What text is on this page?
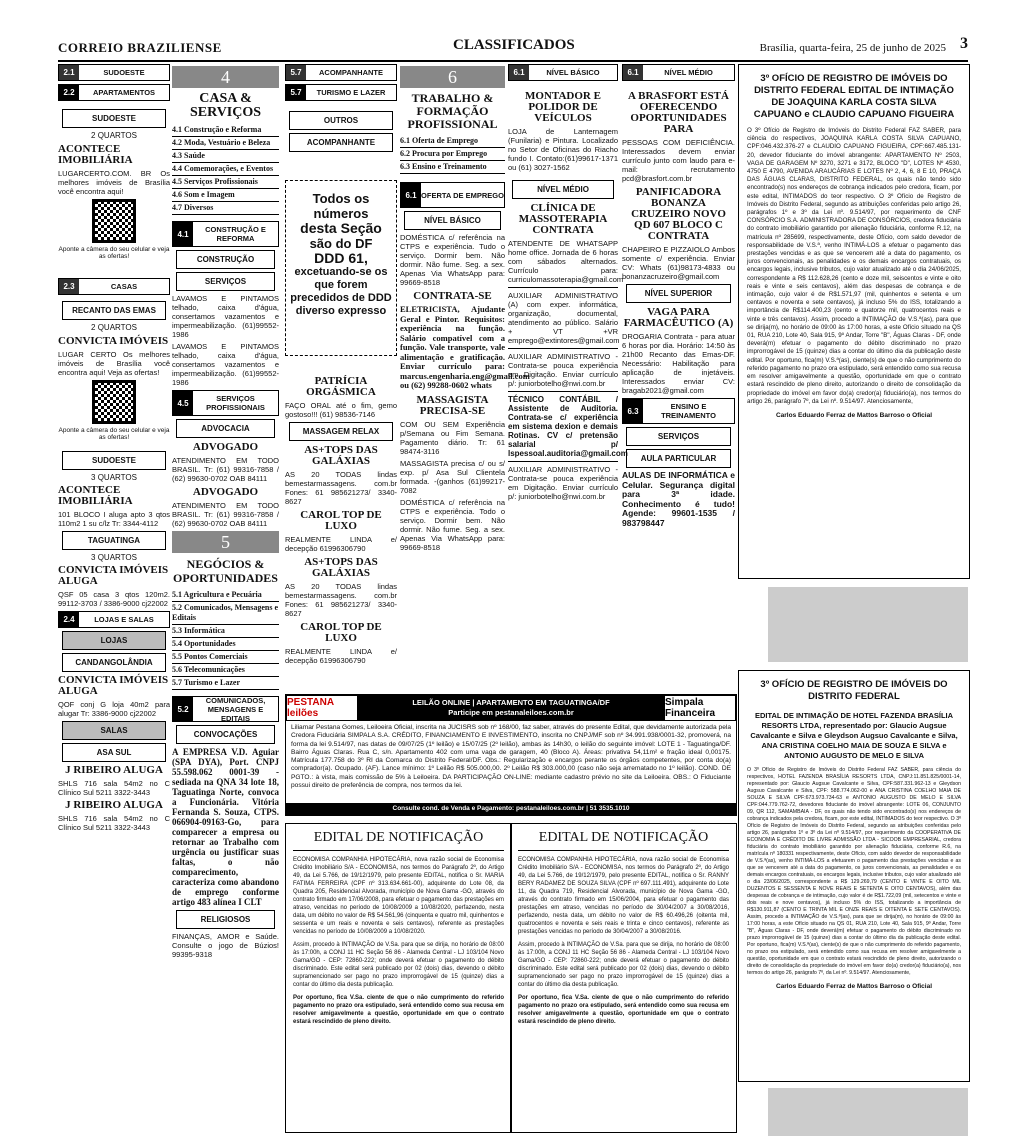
CORREIO BRAZILIENSE	CLASSIFICADOS	Brasília, quarta-feira, 25 de junho de 2025 3
2.1	SUDOESTE
2.2	APARTAMENTOS
SUDOESTE
2 QUARTOS
ACONTECE IMOBILIÁRIA
LUGARCERTO.COM. BR Os melhores imóveis de Brasília você encontra aqui!
Aponte a câmera do seu celular e veja as ofertas!
2.3	CASAS
RECANTO DAS EMAS
2 QUARTOS
CONVICTA IMÓVEIS
LUGAR CERTO Os melhores imóveis de Brasília você encontra aqui! Veja as ofertas!
Aponte a câmera do seu celular e veja as ofertas!
SUDOESTE
3 QUARTOS
ACONTECE IMOBILIÁRIA
101 BLOCO I aluga apto 3 qtos 110m2 1 su c/lz Tr: 3344-4112
TAGUATINGA
3 QUARTOS
CONVICTA IMÓVEIS ALUGA
QSF 05 casa 3 qtos 120m2. 99112-3703 / 3386-9000 cj22002
2.4	LOJAS E SALAS
LOJAS
CANDANGOLÂNDIA
CONVICTA IMÓVEIS ALUGA
QOF conj G loja 40m2 para alugar Tr: 3386-9000 cj22002
SALAS
ASA SUL
J RIBEIRO ALUGA
SHLS 716 sala 54m2 no C Clínico Sul 5211 3322-3443
J RIBEIRO ALUGA
SHLS 716 sala 54m2 no C Clínico Sul 5211 3322-3443
4
CASA & SERVIÇOS
4.1 Construção e Reforma
4.2 Moda, Vestuário e Beleza
4.3 Saúde
4.4 Comemorações, e Eventos
4.5 Serviços Profissionais
4.6 Som e Imagem
4.7 Diversos
4.1	CONSTRUÇÃO E REFORMA
CONSTRUÇÃO
SERVIÇOS
LAVAMOS E PINTAMOS telhado, caixa d'água, consertamos vazamentos e impermeabilização. (61)99552-1986
LAVAMOS E PINTAMOS telhado, caixa d'água, consertamos vazamentos e impermeabilização. (61)99552-1986
4.5	SERVIÇOS PROFISSIONAIS
ADVOCACIA
ADVOGADO
ATENDIMENTO EM TODO BRASIL. Tr: (61) 99316-7858 / (62) 99630-0702 OAB 84111
ADVOGADO
ATENDIMENTO EM TODO BRASIL. Tr: (61) 99316-7858 / (62) 99630-0702 OAB 84111
5
NEGÓCIOS & OPORTUNIDADES
5.1 Agricultura e Pecuária
5.2 Comunicados, Mensagens e Editais
5.3 Informática
5.4 Oportunidades
5.5 Pontos Comerciais
5.6 Telecomunicações
5.7 Turismo e Lazer
5.2
COMUNICADOS, MENSAGENS E EDITAIS
CONVOCAÇÕES
A EMPRESA V.D. Aguiar (SPA DYA), Port. CNPJ 55.598.062 0001-39 - sediada na QNA 34 lote 18, Taguatinga Norte, convoca a Funcionária. Vitória Fernanda S. Souza, CTPS. 066904-09163-Go, para comparecer a empresa ou retornar ao Trabalho com urgência ou justificar suas faltas, o não comparecimento, caracteriza como abandono de emprego conforme artigo 483 alínea I CLT
RELIGIOSOS
FINANÇAS, AMOR e Saúde. Consulte o jogo de Búzios! 99395-9318
5.7	ACOMPANHANTE
5.7	TURISMO E LAZER
OUTROS
ACOMPANHANTE
Todos os números
desta Seção
são do DF
DDD 61,
excetuando-se os que forem precedidos de DDD diverso expresso
PATRÍCIA ORGÁSMICA
FAÇO ORAL até o fim, gemo gostoso!!! (61) 98536-7146
MASSAGEM RELAX
AS+TOPS DAS GALÁXIAS
AS 20 TODAS lindas bemestarmassagens. com.br Fones: 61 985621273/ 3340-8627
CAROL TOP DE LUXO
REALMENTE LINDA e/ decepção 61996306790
AS+TOPS DAS GALÁXIAS
AS 20 TODAS lindas bemestarmassagens. com.br Fones: 61 985621273/ 3340-8627
CAROL TOP DE LUXO
REALMENTE LINDA e/ decepção 61996306790
6
TRABALHO & FORMAÇÃO PROFISSIONAL
6.1 Oferta de Emprego
6.2 Procura por Emprego
6.3 Ensino e Treinamento
6.1 OFERTA DE EMPREGO
NÍVEL BÁSICO
DOMÉSTICA c/ referência na CTPS e experiência. Tudo o serviço. Dormir bem. Não dormir. Não fume. Seg. a sex. Apenas Via WhatsApp para: 99669-8518
CONTRATA-SE
ELETRICISTA, Ajudante Geral e Pintor. Requisitos: experiência na função. Salário compatível com a função. Vale transporte, vale alimentação e gratificação. Enviar currículo para: marcus.engenharia.eng@gmail.com ou (62) 99288-0602 whats
MASSAGISTA PRECISA-SE
COM OU SEM Experiência p/Semana ou Fim Semana. Pagamento diário. Tr: 61 98474-3116
MASSAGISTA precisa c/ ou s/ exp. p/ Asa Sul Clientela formada. -(ganhos (61)99217-7082
DOMÉSTICA c/ referência na CTPS e experiência. Todo o serviço. Dormir bem. Não dormir. Não fume. Seg. a sex. Apenas Via WhatsApp para: 99669-8518
6.1	NÍVEL BÁSICO
MONTADOR E POLIDOR DE VEÍCULOS
LOJA de Lanternagem (Funilaria) e Pintura. Localizado no Setor de Oficinas do Riacho fundo I. Contato:(61)99617-1371 ou (61) 3027-1562
NÍVEL MÉDIO
CLÍNICA DE MASSOTERAPIA CONTRATA
ATENDENTE DE WHATSAPP home office. Jornada de 6 horas com sábados alternados. Currículo para: curriculomassoterapia@gmail.com
AUXILIAR ADMINISTRATIVO (A) com exper. informática, organização, documental, atendimento ao público. Salário + VT +VR emprego@extintores@gmail.com
AUXILIAR ADMINISTRATIVO - Contrata-se pouca experiência em Digitação. Enviar currículo p/: juniorbotelho@nwi.com.br
TÉCNICO CONTÁBIL / Assistente de Auditoria. Contrata-se c/ experiência em sistema dexion e demais Rotinas. CV c/ pretensão salarial p/ lspessoal.auditoria@gmail.com
AUXILIAR ADMINISTRATIVO - Contrata-se pouca experiência em Digitação. Enviar currículo p/: juniorbotelho@nwi.com.br
6.1	NÍVEL MÉDIO
A BRASFORT ESTÁ OFERECENDO OPORTUNIDADES PARA
PESSOAS COM DEFICIÊNCIA. Interessados devem enviar currículo junto com laudo para e-mail: recrutamento pcd@brasfort.com.br
PANIFICADORA BONANZA CRUZEIRO NOVO QD 607 BLOCO C CONTRATA
CHAPEIRO E PIZZAIOLO Ambos somente c/ experiência. Enviar CV: Whats (61)98173-4833 ou bonanzacruzeiro@gmail.com
NÍVEL SUPERIOR
VAGA PARA FARMACÊUTICO (A)
DROGARIA Contrata - para atuar 6 horas por dia. Horário: 14:50 às 21h00 Recanto das Emas-DF. Necessário: Habilitação para aplicação de injetáveis. Interessados enviar CV: bragab2021@gmail.com
6.3	ENSINO E TREINAMENTO
SERVIÇOS
AULA PARTICULAR
AULAS DE INFORMÁTICA e Celular. Segurança digital para 3ª idade. Conhecimento é tudo! Agende: 99601-1535 / 983798447
PESTANA leilões
LEILÃO ONLINE | APARTAMENTO EM TAGUATINGA/DF
Participe em pestanaleiloes.com.br
Simpala Financeira

Liliamar Pestana Gomes, Leiloeira Oficial, inscrita na JUCISRS sob nº 168/00, faz saber, através do presente Edital, que devidamente autorizada pela Credora Fiduciária SIMPALA S.A. CRÉDITO, FINANCIAMENTO E INVESTIMENTO, inscrita no CNPJ/MF sob nº 34.991.938/0001-32, promoverá, na forma da lei 9.514/97, nas datas de 09/07/25 (1º leilão) e 15/07/25 (2º leilão), ambas às 14h30, o leilão do seguinte imóvel: LOTE 1 - Taguatinga/DF. Bairro Águas Claras. Rua C, s/n. Apartamento 402 com uma vaga de garagem, 40 (Bloco A). Áreas: privativa 54,11m² e fração ideal 0,00175. Matrícula 177.758 do 3º RI da Comarca do Distrito Federal/DF. Obs.: Regularização e encargos perante os órgãos competentes, por conta do(a) comprador(a). Ocupado. (AF). Lance mínimo: 1º Leilão R$ 505.000,00. 2º Leilão R$ 303.000,00 (caso não seja arrematado no 1º leilão). COND. DE PGTO.: à vista, mais comissão de 5% à Leiloeira. DA PARTICIPAÇÃO ON-LINE: mediante cadastro prévio no site da Leiloeira. OBS.: O Fiduciante possui direito de preferência de compra, nos termos da lei.

Consulte cond. de Venda e Pagamento: pestanaleiloes.com.br | 51 3535.1010
EDITAL DE NOTIFICAÇÃO

ECONOMISA COMPANHIA HIPOTECÁRIA, nova razão social de Economisa Crédito Imobiliário S/A - ECONOMISA, nos termos do Parágrafo 2º, do Artigo 49, da Lei 5.766, de 19/12/1979, pelo presente EDITAL, notifica o Sr. MARIA FATIMA FERREIRA (CPF nº 313.634.661-00), adquirente do Lote 08, da Quadra 205, Residencial Alvorada, município de Nova Gama -GO, através do contrato firmado em 17/06/2008, para efetuar o pagamento das prestações em atraso, vencidas no período de 10/08/2009 a 10/08/2020, perfazendo, nesta data, um débito no valor de R$ 54.561,96 (cinquenta e quatro mil, quinhentos e sessenta e um reais e noventa e seis centavos), referente as prestações vencidas no período de 10/08/2009 a 10/08/2020.

Assim, procedo à INTIMAÇÃO de V.Sa. para que se dirija, no horário de 08:00 às 17:00h, a CONJ 11 HC Seção 56 86 - Alameda Central - LJ 103/104 Novo Gama/GO - CEP: 72860-222; onde deverá efetuar o pagamento do débito discriminado. Este edital será publicado por 02 (dois) dias, devendo o débito supramencionado ser pago no prazo improrrogável de 15 (quinze) dias a contar do último dia desta publicação.

Por oportuno, fica V.Sa. ciente de que o não cumprimento do referido pagamento no prazo ora estipulado, será entendido como sua recusa em resolver amigavelmente a questão, oportunidade em que o contrato estará rescindido de pleno direito.

EDITAL DE NOTIFICAÇÃO

ECONOMISA COMPANHIA HIPOTECÁRIA, nova razão social de Economisa Crédito Imobiliário S/A - ECONOMISA, nos termos do Parágrafo 2º, do Artigo 49, da Lei 5.766, de 19/12/1979, pelo presente EDITAL, notifica o Sr. RANNY BERY RADAMEZ DE SOUZA SILVA (CPF nº 697.111.491), adquirente do Lote 11, da Quadra 719, Residencial Alvorada, município de Nova Gama -GO, através do contrato firmado em 15/06/2004, para efetuar o pagamento das prestações em atraso, vencidas no período de 30/04/2007 a 30/08/2016, perfazendo, nesta data, um débito no valor de R$ 60.496,26 (oitenta mil, quatrocentos e noventa e seis reais e trinta e cinco centavos), referente as prestações vencidas no período de 30/04/2007 a 30/08/2016.

Assim, procedo à INTIMAÇÃO de V.Sa. para que se dirija, no horário de 08:00 às 17:00h, a CONJ 11 HC Seção 56 86 - Alameda Central - LJ 103/104 Novo Gama/GO - CEP: 72860-222; onde deverá efetuar o pagamento do débito discriminado. Este edital será publicado por 02 (dois) dias, devendo o débito supramencionado ser pago no prazo improrrogável de 15 (quinze) dias a contar do último dia desta publicação.

Por oportuno, fica V.Sa. ciente de que o não cumprimento do referido pagamento no prazo ora estipulado, será entendido como sua recusa em resolver amigavelmente a questão, oportunidade em que o contrato estará rescindido de pleno direito.

3º OFÍCIO DE REGISTRO DE IMÓVEIS DO DISTRITO FEDERAL EDITAL DE INTIMAÇÃO DE JOAQUINA KARLA COSTA SILVA CAPUANO e CLAUDIO CAPUANO FIGUEIRA

O 3º Ofício de Registro de Imóveis do Distrito Federal FAZ SABER, para ciência do respectivos, JOAQUINA KARLA COSTA SILVA CAPUANO, CPF:046.432.376-27 e CLAUDIO CAPUANO FIGUEIRA, CPF:667.485.131-20, devedor fiduciante do imóvel abrangente: APARTAMENTO Nº 2503, VAGA DE GARAGEM Nº 3270, 3271 e 3172, BLOCO "D", LOTES Nº 4530, 4750 E 4790, AVENIDA ARAUCÁRIAS E LOTES Nº 2, 4, 6, 8 E 10, PRAÇA DAS ÁGUAS CLARAS, DISTRITO FEDERAL, os quais não tendo sido encontrado(s) nos endereços de cobrança indicados pelo credora, ficam, por este edital, INTIMADOS do teor respectivo. O 3º Ofício de Registro de Imóveis do Distrito Federal, segundo as atribuições conferidas pelo artigo 26, parágrafos 1º e 3º da Lei nº. 9.514/97, por requerimento de CNF CONSÓRCIO S.A. ADMINISTRADORA DE CONSÓRCIOS, credora fiduciária do contrato imobiliário garantido por alienação fiduciária, conforme R.12, na matrícula nº 285699, respectivamente, deste Ofício, com saldo devedor de responsabilidade de V.S.ª, venho INTIMÁ-LOS a efetuar o pagamento das prestações vencidas e as que se vencerem até a data do pagamento, os juros convencionais, as penalidades e os demais encargos contratuais, os encargos legais, inclusive tributos, cujo valor atualizado até o dia 24/06/2025, correspondente a R$ 112.628,26 (cento e doze mil, seiscentos e vinte e oito reais e vinte e seis centavos), além das despesas de cobrança e de intimação, cujo valor é de R$1.571,97 (mil, quinhentos e setenta e um centavos e noventa e sete centavos), já incluso 5% do ISS, totalizando a importância de R$114.400,23 (cento e quatorze mil, quatrocentos reais e vinte e três centavos). Assim, procedo a INTIMAÇÃO de V.S.ª(as), para que se dirija(m), no horário de 09:00 às 17:00 horas, a este Ofício situado na QS 01, RUA 210, Lote 40, Sala 915, 9º Andar, Torre "B", Águas Claras - DF, onde deverá(m) efetuar o pagamento do débito discriminado no prazo improrrogável de 15 (quinze) dias a contar do último dia da publicação deste edital. Por oportuno, fica(m) V.S.ª(as), ciente(s) de que o não cumprimento do referido pagamento no prazo ora estipulado, será entendido como sua recusa em resolver amigavelmente a questão, oportunidade em que o contrato estará rescindido de pleno direito, autorizando o direito de consolidação da propriedade do imóvel em favor do(a) credor(a) fiduciário(a), nos termos do artigo 26, parágrafo 7º, da Lei nº. 9.514/97. Atenciosamente,

Carlos Eduardo Ferraz de Mattos Barroso o Oficial
3º OFÍCIO DE REGISTRO DE IMÓVEIS DO DISTRITO FEDERAL
EDITAL DE INTIMAÇÃO DE HOTEL FAZENDA BRASÍLIA RESORTS LTDA, representado por: Glaucio Augsue Cavalcante e Silva e Gleydson Augsuo Cavalcante e Silva, ANA CRISTINA COELHO MAIA DE SOUZA E SILVA e ANTONIO AUGUSTO DE MELO E SILVA

O 3º Ofício de Registro de Imóveis do Distrito Federal FAZ SABER, para ciência do respectivos, HOTEL FAZENDA BRASÍLIA RESORTS LTDA, CNPJ:11.851.825/0001-14, representado por: Glaucio Augsue Cavalcante e Silva, CPF:587.331.962-13 e Gleydson Augsuo Cavalcante e Silva, CPF: 588.774.062-00 e ANA CRISTINA COELHO MAIA DE SOUZA E SILVA CPF:673.973.734-63 e ANTONIO AUGUSTO DE MELO E SILVA CPF:044.779.762-72, devedores fiduciante do imóvel abrangente: LOTE 06, CONJUNTO 09, QR 112, SAMAMBAIA - DF, os quais não tendo sido encontrado(s) nos endereços de cobrança indicados pela credora, ficam, por este edital, INTIMADOS do teor respectivo. O 3º Ofício de Registro de Imóveis do Distrito Federal, segundo as atribuições conferidas pelo artigo 26, parágrafos 1º e 3º da Lei nº 9.514/97, por requerimento da COOPERATIVA DE ECONOMIA E CRÉDITO DE LIVRE ADMISSÃO LTDA - SICOOB EMPRESARIAL, credora fiduciária do contrato imobiliário garantido por alienação fiduciária, conforme R.6, na matrícula nº 180331 respectivamente, deste Ofício, com saldo devedor de responsabilidade de V.S.ª(as), venho INTIMÁ-LOS a efetuarem o pagamento das prestações vencidas e as que se vencerem até a data do pagamento, os juros convencionais, as penalidades e os demais encargos contratuais, os encargos legais, inclusive tributos, cujo valor atualizado até o dia 23/06/2025, correspondente a R$ 129.269,79 (CENTO E VINTE E OITO MIL DUZENTOS E SESSENTA E NOVE REAIS E SETENTA E OITO CENTAVOS), além das despesas de cobrança e de intimação, cujo valor é de R$1.722,09 (mil, setecentos e vinte e dois reais e nove centavos), já incluso 5% do ISS, totalizando a importância de R$130.911,87 (CENTO E TRINTA MIL E ONZE REAIS E OITENTA E SETE CENTAVOS). Assim, procedo a INTIMAÇÃO de V.S.ª(as), para que se dirija(m), no horário de 09:00 às 17:00 horas, a este Ofício situado na QS 01, RUA 210, Lote 40, Sala 915, 9º Andar, Torre "B", Águas Claras - DF, onde deverá(m) efetuar o pagamento do débito discriminado no prazo improrrogável de 15 (quinze) dias a contar do último dia da publicação deste edital. Por oportuno, fica(m) V.S.ª(as), ciente(s) de que o não cumprimento do referido pagamento, no prazo ora estipulado, será entendido como sua recusa em resolver amigavelmente a questão, oportunidade em que o contrato estará rescindido de pleno direito, autorizando o direito de consolidação da propriedade do imóvel em favor do(a) credor(a) fiduciário(a), nos termos do artigo 26, parágrafo 7º, da Lei nº. 9.514/97. Atenciosamente,

Carlos Eduardo Ferraz de Mattos Barroso o Oficial
